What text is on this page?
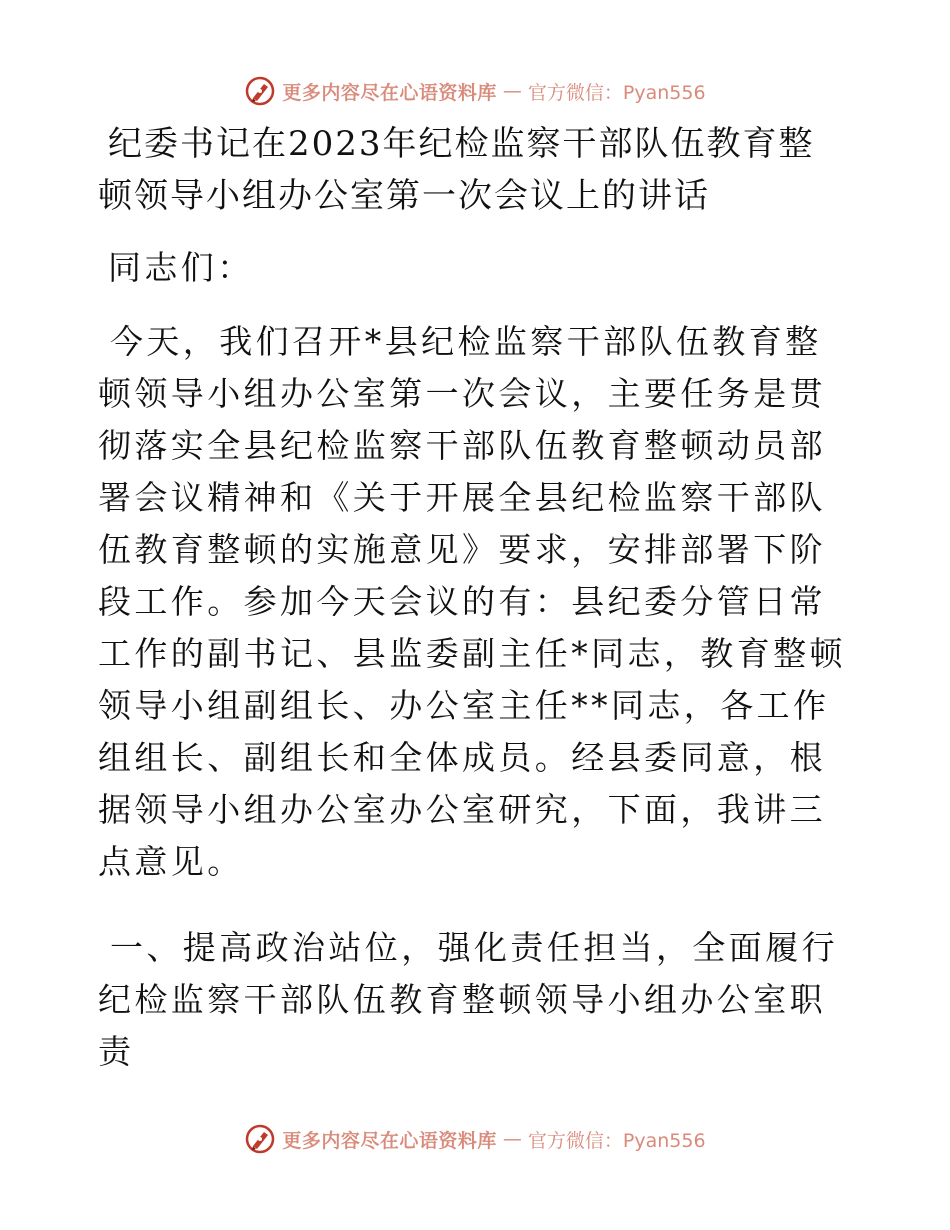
更多内容尽在心语资料库 — 官方微信：Pyan556
纪委书记在2023年纪检监察干部队伍教育整顿领导小组办公室第一次会议上的讲话

同志们：

今天，我们召开*县纪检监察干部队伍教育整顿领导小组办公室第一次会议，主要任务是贯彻落实全县纪检监察干部队伍教育整顿动员部署会议精神和《关于开展全县纪检监察干部队伍教育整顿的实施意见》要求，安排部署下阶段工作。参加今天会议的有：县纪委分管日常工作的副书记、县监委副主任*同志，教育整顿领导小组副组长、办公室主任**同志，各工作组组长、副组长和全体成员。经县委同意，根据领导小组办公室办公室研究，下面，我讲三点意见。

一、提高政治站位，强化责任担当，全面履行纪检监察干部队伍教育整顿领导小组办公室职责

更多内容尽在心语资料库 — 官方微信：Pyan556
